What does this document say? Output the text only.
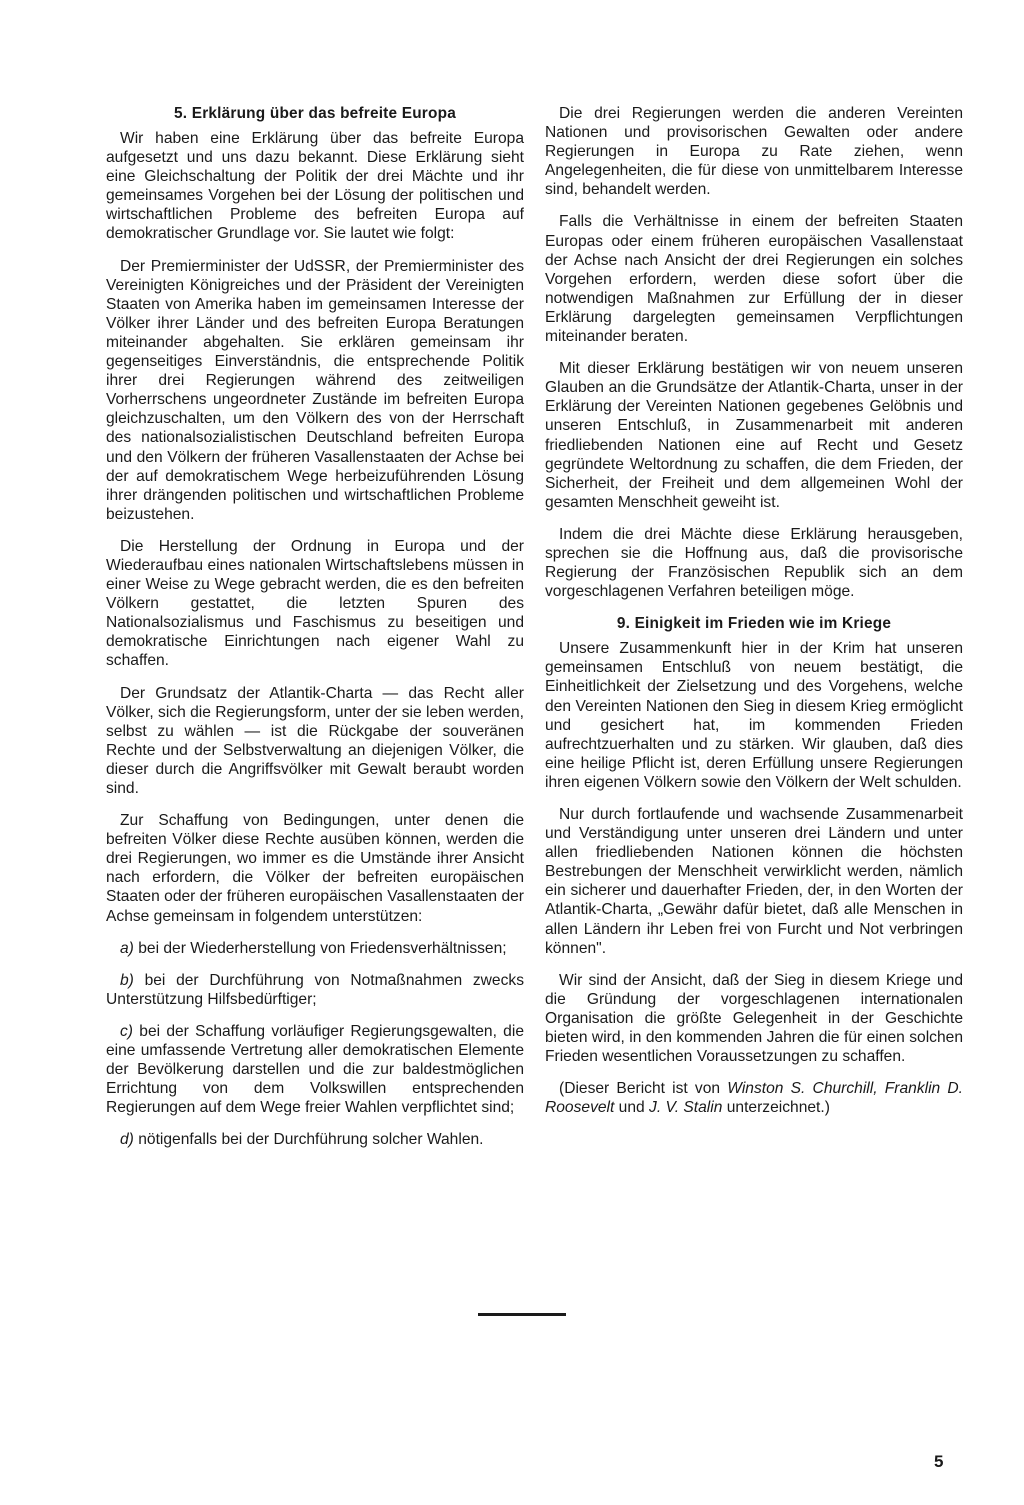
5. Erklärung über das befreite Europa

Wir haben eine Erklärung über das befreite Europa aufgesetzt und uns dazu bekannt. Diese Erklärung sieht eine Gleichschaltung der Politik der drei Mächte und ihr gemeinsames Vorgehen bei der Lösung der politischen und wirtschaftlichen Probleme des befreiten Europa auf demokratischer Grundlage vor. Sie lautet wie folgt:

Der Premierminister der UdSSR, der Premierminister des Vereinigten Königreiches und der Präsident der Vereinigten Staaten von Amerika haben im gemeinsamen Interesse der Völker ihrer Länder und des befreiten Europa Beratungen miteinander abgehalten. Sie erklären gemeinsam ihr gegenseitiges Einverständnis, die entsprechende Politik ihrer drei Regierungen während des zeitweiligen Vorherrschens ungeordneter Zustände im befreiten Europa gleichzuschalten, um den Völkern des von der Herrschaft des nationalsozialistischen Deutschland befreiten Europa und den Völkern der früheren Vasallenstaaten der Achse bei der auf demokratischem Wege herbeizuführenden Lösung ihrer drängenden politischen und wirtschaftlichen Probleme beizustehen.

Die Herstellung der Ordnung in Europa und der Wiederaufbau eines nationalen Wirtschaftslebens müssen in einer Weise zu Wege gebracht werden, die es den befreiten Völkern gestattet, die letzten Spuren des Nationalsozialismus und Faschismus zu beseitigen und demokratische Einrichtungen nach eigener Wahl zu schaffen.

Der Grundsatz der Atlantik-Charta — das Recht aller Völker, sich die Regierungsform, unter der sie leben werden, selbst zu wählen — ist die Rückgabe der souveränen Rechte und der Selbstverwaltung an diejenigen Völker, die dieser durch die Angriffsvölker mit Gewalt beraubt worden sind.

Zur Schaffung von Bedingungen, unter denen die befreiten Völker diese Rechte ausüben können, werden die drei Regierungen, wo immer es die Umstände ihrer Ansicht nach erfordern, die Völker der befreiten europäischen Staaten oder der früheren europäischen Vasallenstaaten der Achse gemeinsam in folgendem unterstützen:

a) bei der Wiederherstellung von Friedensverhältnissen;

b) bei der Durchführung von Notmaßnahmen zwecks Unterstützung Hilfsbedürftiger;

c) bei der Schaffung vorläufiger Regierungsgewalten, die eine umfassende Vertretung aller demokratischen Elemente der Bevölkerung darstellen und die zur baldestmöglichen Errichtung von dem Volkswillen entsprechenden Regierungen auf dem Wege freier Wahlen verpflichtet sind;

d) nötigenfalls bei der Durchführung solcher Wahlen.

Die drei Regierungen werden die anderen Vereinten Nationen und provisorischen Gewalten oder andere Regierungen in Europa zu Rate ziehen, wenn Angelegenheiten, die für diese von unmittelbarem Interesse sind, behandelt werden.

Falls die Verhältnisse in einem der befreiten Staaten Europas oder einem früheren europäischen Vasallenstaat der Achse nach Ansicht der drei Regierungen ein solches Vorgehen erfordern, werden diese sofort über die notwendigen Maßnahmen zur Erfüllung der in dieser Erklärung dargelegten gemeinsamen Verpflichtungen miteinander beraten.

Mit dieser Erklärung bestätigen wir von neuem unseren Glauben an die Grundsätze der Atlantik-Charta, unser in der Erklärung der Vereinten Nationen gegebenes Gelöbnis und unseren Entschluß, in Zusammenarbeit mit anderen friedliebenden Nationen eine auf Recht und Gesetz gegründete Weltordnung zu schaffen, die dem Frieden, der Sicherheit, der Freiheit und dem allgemeinen Wohl der gesamten Menschheit geweiht ist.

Indem die drei Mächte diese Erklärung herausgeben, sprechen sie die Hoffnung aus, daß die provisorische Regierung der Französischen Republik sich an dem vorgeschlagenen Verfahren beteiligen möge.

9. Einigkeit im Frieden wie im Kriege

Unsere Zusammenkunft hier in der Krim hat unseren gemeinsamen Entschluß von neuem bestätigt, die Einheitlichkeit der Zielsetzung und des Vorgehens, welche den Vereinten Nationen den Sieg in diesem Krieg ermöglicht und gesichert hat, im kommenden Frieden aufrechtzuerhalten und zu stärken. Wir glauben, daß dies eine heilige Pflicht ist, deren Erfüllung unsere Regierungen ihren eigenen Völkern sowie den Völkern der Welt schulden.

Nur durch fortlaufende und wachsende Zusammenarbeit und Verständigung unter unseren drei Ländern und unter allen friedliebenden Nationen können die höchsten Bestrebungen der Menschheit verwirklicht werden, nämlich ein sicherer und dauerhafter Frieden, der, in den Worten der Atlantik-Charta, „Gewähr dafür bietet, daß alle Menschen in allen Ländern ihr Leben frei von Furcht und Not verbringen können".

Wir sind der Ansicht, daß der Sieg in diesem Kriege und die Gründung der vorgeschlagenen internationalen Organisation die größte Gelegenheit in der Geschichte bieten wird, in den kommenden Jahren die für einen solchen Frieden wesentlichen Voraussetzungen zu schaffen.

(Dieser Bericht ist von Winston S. Churchill, Franklin D. Roosevelt und J. V. Stalin unterzeichnet.)

5
